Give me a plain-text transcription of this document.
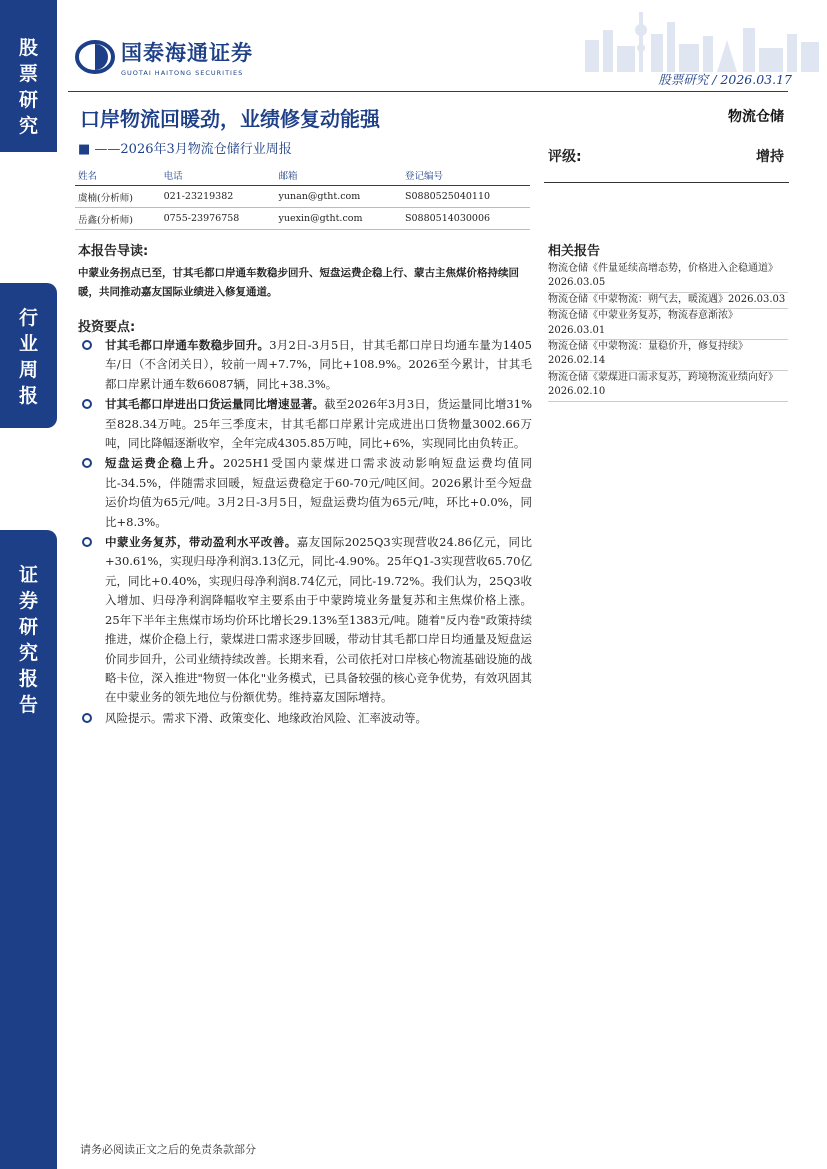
股票研究
行业周报
证券研究报告
国泰海通证券
GUOTAI HAITONG SECURITIES	股票研究 / 2026.03.17
口岸物流回暖劲，业绩修复动能强
■ ——2026年3月物流仓储行业周报
物流仓储
评级:	增持
姓名	电话	邮箱	登记编号
虞楠(分析师)	021-23219382	yunan@gtht.com	S0880525040110
岳鑫(分析师)	0755-23976758	yuexin@gtht.com	S0880514030006
本报告导读:
中蒙业务拐点已至，甘其毛都口岸通车数稳步回升、短盘运费企稳上行、蒙古主焦煤价格持续回暖，共同推动嘉友国际业绩进入修复通道。
投资要点:
甘其毛都口岸通车数稳步回升。3月2日-3月5日，甘其毛都口岸日均通车量为1405车/日（不含闭关日），较前一周+7.7%，同比+108.9%。2026至今累计，甘其毛都口岸累计通车数66087辆，同比+38.3%。
甘其毛都口岸进出口货运量同比增速显著。截至2026年3月3日，货运量同比增31%至828.34万吨。25年三季度末，甘其毛都口岸累计完成进出口货物量3002.66万吨，同比降幅逐渐收窄，全年完成4305.85万吨，同比+6%，实现同比由负转正。
短盘运费企稳上升。2025H1受国内蒙煤进口需求波动影响短盘运费均值同比-34.5%，伴随需求回暖，短盘运费稳定于60-70元/吨区间。2026累计至今短盘运价均值为65元/吨。3月2日-3月5日，短盘运费均值为65元/吨，环比+0.0%，同比+8.3%。
中蒙业务复苏，带动盈利水平改善。嘉友国际2025Q3实现营收24.86亿元，同比+30.61%，实现归母净利润3.13亿元，同比-4.90%。25年Q1-3实现营收65.70亿元，同比+0.40%，实现归母净利润8.74亿元，同比-19.72%。我们认为，25Q3收入增加、归母净利润降幅收窄主要系由于中蒙跨境业务量复苏和主焦煤价格上涨。25年下半年主焦煤市场均价环比增长29.13%至1383元/吨。随着"反内卷"政策持续推进，煤价企稳上行，蒙煤进口需求逐步回暖，带动甘其毛都口岸日均通量及短盘运价同步回升，公司业绩持续改善。长期来看，公司依托对口岸核心物流基础设施的战略卡位，深入推进"物贸一体化"业务模式，已具备较强的核心竞争优势，有效巩固其在中蒙业务的领先地位与份额优势。维持嘉友国际增持。
风险提示。需求下滑、政策变化、地缘政治风险、汇率波动等。
相关报告
物流仓储《件量延续高增态势，价格进入企稳通道》2026.03.05
物流仓储《中蒙物流：朔气去，暖流遇》2026.03.03
物流仓储《中蒙业务复苏，物流春意渐浓》2026.03.01
物流仓储《中蒙物流：量稳价升，修复持续》2026.02.14
物流仓储《蒙煤进口需求复苏，跨境物流业绩向好》2026.02.10
请务必阅读正文之后的免责条款部分
